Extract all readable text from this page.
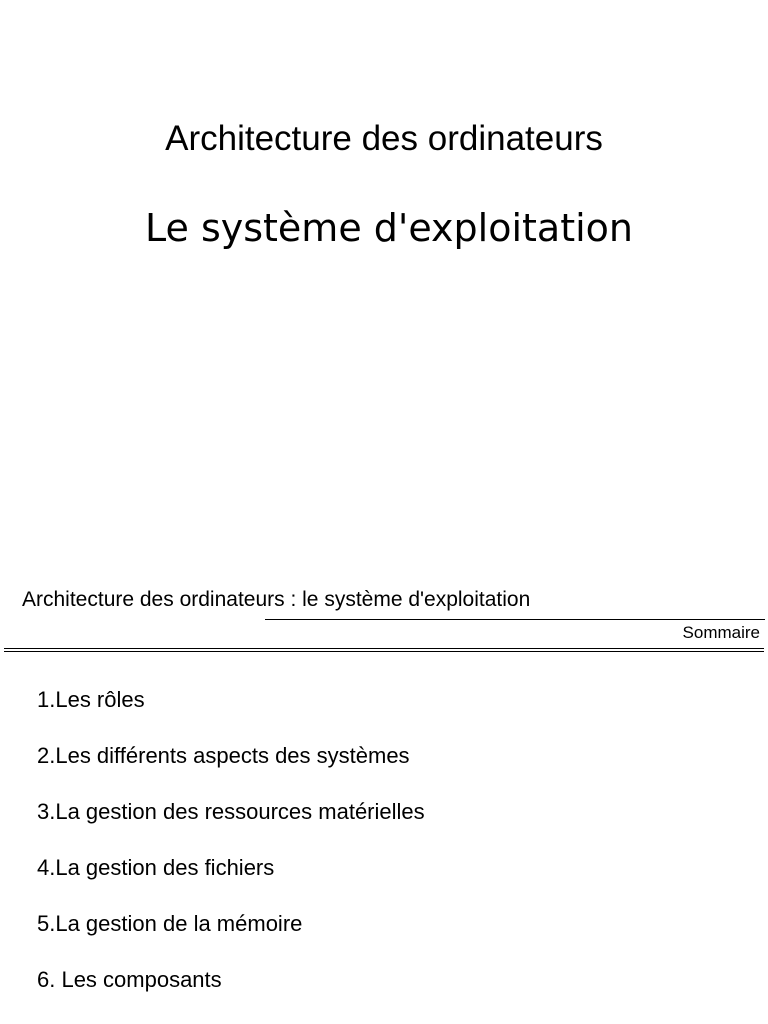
Architecture des ordinateurs
Le système d'exploitation
Architecture des ordinateurs : le système d'exploitation
Sommaire
1.Les rôles
2.Les différents aspects des systèmes
3.La gestion des ressources matérielles
4.La gestion des fichiers
5.La gestion de la mémoire
6. Les composants
